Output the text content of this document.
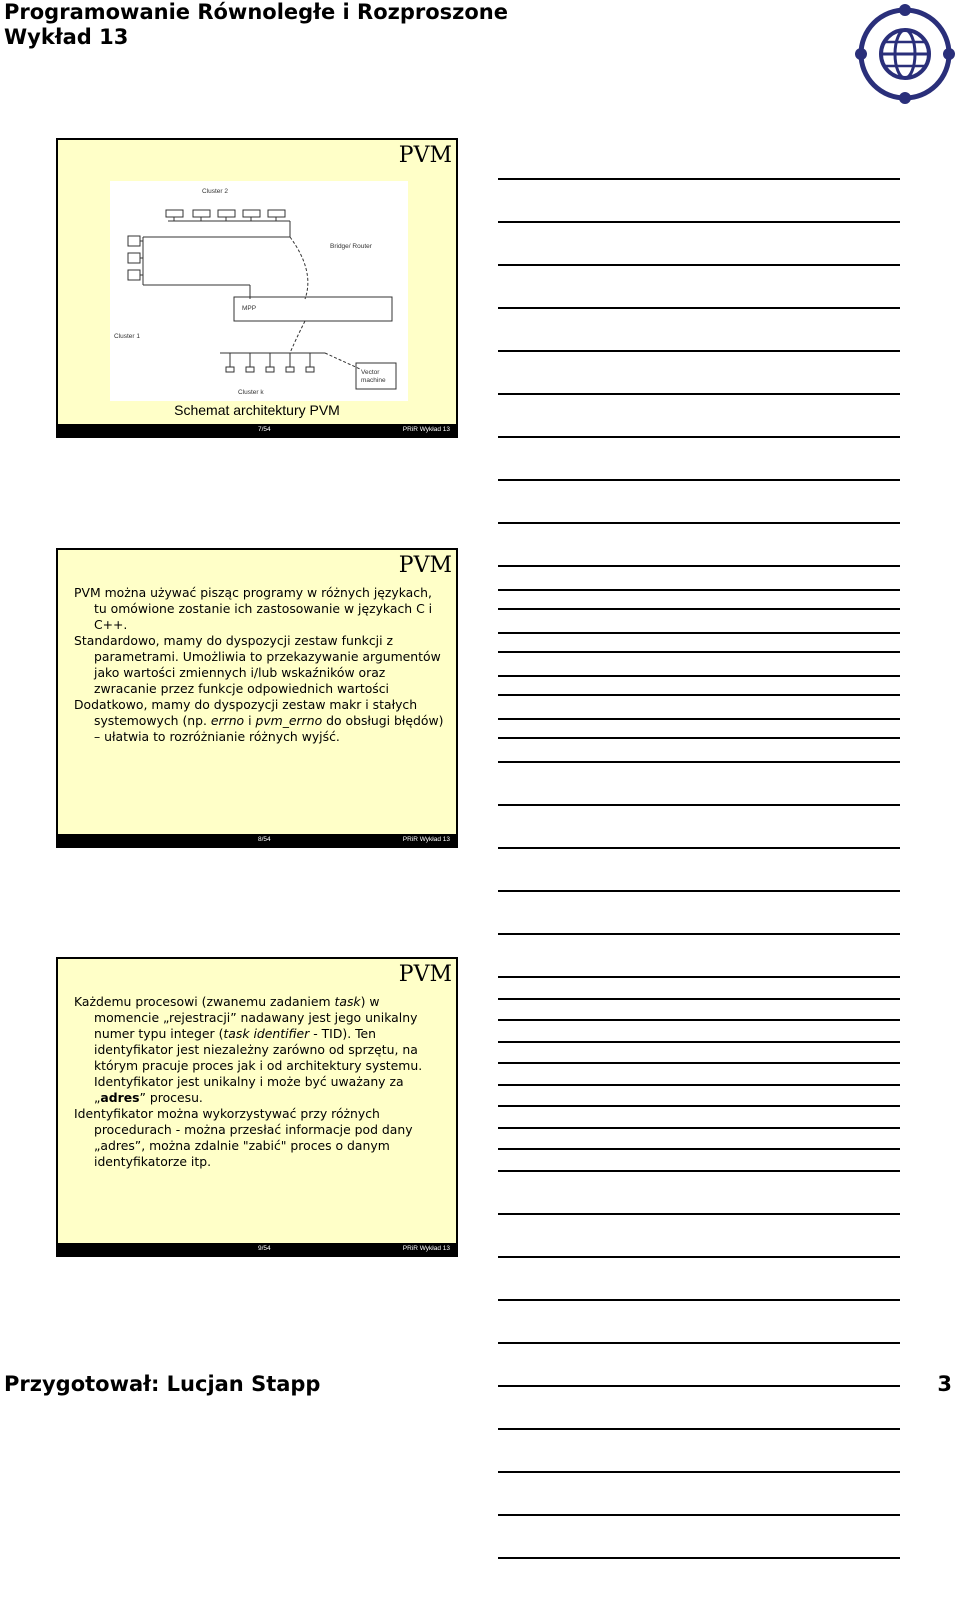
Programowanie Równoległe i Rozproszone
Wykład 13
PVM
Cluster 2
Bridge/ Router
MPP
Cluster 1
Cluster k
Vector
machine
Schemat architektury PVM
7/54	PRiR Wykład 13
PVM

PVM można używać pisząc programy w różnych językach, tu omówione zostanie ich zastosowanie w językach C i C++.

Standardowo, mamy do dyspozycji zestaw funkcji z parametrami. Umożliwia to przekazywanie argumentów jako wartości zmiennych i/lub wskaźników oraz zwracanie przez funkcje odpowiednich wartości

Dodatkowo, mamy do dyspozycji zestaw makr i stałych systemowych (np. errno i pvm_errno do obsługi błędów) – ułatwia to rozróżnianie różnych wyjść.

8/54	PRiR Wykład 13
PVM

Każdemu procesowi (zwanemu zadaniem task) w momencie „rejestracji” nadawany jest jego unikalny numer typu integer (task identifier - TID). Ten identyfikator jest niezależny zarówno od sprzętu, na którym pracuje proces jak i od architektury systemu. Identyfikator jest unikalny i może być uważany za „adres” procesu.

Identyfikator można wykorzystywać przy różnych procedurach - można przesłać informacje pod dany „adres”, można zdalnie "zabić" proces o danym identyfikatorze itp.

9/54	PRiR Wykład 13
Przygotował: Lucjan Stapp	3
